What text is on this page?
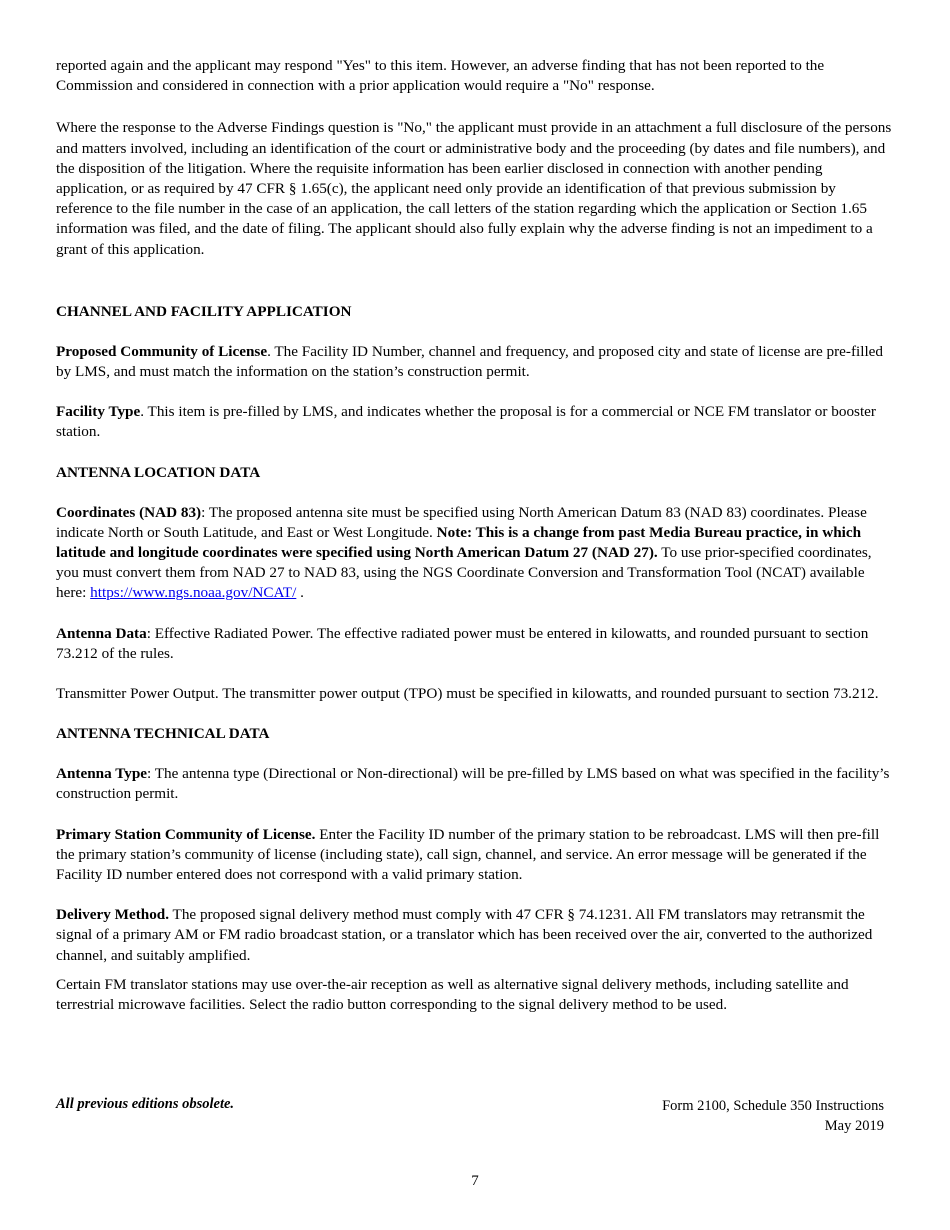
reported again and the applicant may respond "Yes" to this item. However, an adverse finding that has not been reported to the Commission and considered in connection with a prior application would require a "No" response.

Where the response to the Adverse Findings question is "No," the applicant must provide in an attachment a full disclosure of the persons and matters involved, including an identification of the court or administrative body and the proceeding (by dates and file numbers), and the disposition of the litigation. Where the requisite information has been earlier disclosed in connection with another pending application, or as required by 47 CFR § 1.65(c), the applicant need only provide an identification of that previous submission by reference to the file number in the case of an application, the call letters of the station regarding which the application or Section 1.65 information was filed, and the date of filing. The applicant should also fully explain why the adverse finding is not an impediment to a grant of this application.

CHANNEL AND FACILITY APPLICATION

Proposed Community of License. The Facility ID Number, channel and frequency, and proposed city and state of license are pre-filled by LMS, and must match the information on the station’s construction permit.

Facility Type. This item is pre-filled by LMS, and indicates whether the proposal is for a commercial or NCE FM translator or booster station.

ANTENNA LOCATION DATA

Coordinates (NAD 83): The proposed antenna site must be specified using North American Datum 83 (NAD 83) coordinates. Please indicate North or South Latitude, and East or West Longitude. Note: This is a change from past Media Bureau practice, in which latitude and longitude coordinates were specified using North American Datum 27 (NAD 27). To use prior-specified coordinates, you must convert them from NAD 27 to NAD 83, using the NGS Coordinate Conversion and Transformation Tool (NCAT) available here: https://www.ngs.noaa.gov/NCAT/ .

Antenna Data: Effective Radiated Power. The effective radiated power must be entered in kilowatts, and rounded pursuant to section 73.212 of the rules.

Transmitter Power Output. The transmitter power output (TPO) must be specified in kilowatts, and rounded pursuant to section 73.212.

ANTENNA TECHNICAL DATA

Antenna Type: The antenna type (Directional or Non-directional) will be pre-filled by LMS based on what was specified in the facility’s construction permit.

Primary Station Community of License. Enter the Facility ID number of the primary station to be rebroadcast. LMS will then pre-fill the primary station’s community of license (including state), call sign, channel, and service. An error message will be generated if the Facility ID number entered does not correspond with a valid primary station.

Delivery Method. The proposed signal delivery method must comply with 47 CFR § 74.1231. All FM translators may retransmit the signal of a primary AM or FM radio broadcast station, or a translator which has been received over the air, converted to the authorized channel, and suitably amplified.

Certain FM translator stations may use over-the-air reception as well as alternative signal delivery methods, including satellite and terrestrial microwave facilities. Select the radio button corresponding to the signal delivery method to be used.

All previous editions obsolete.	Form 2100, Schedule 350 Instructions
May 2019
7
